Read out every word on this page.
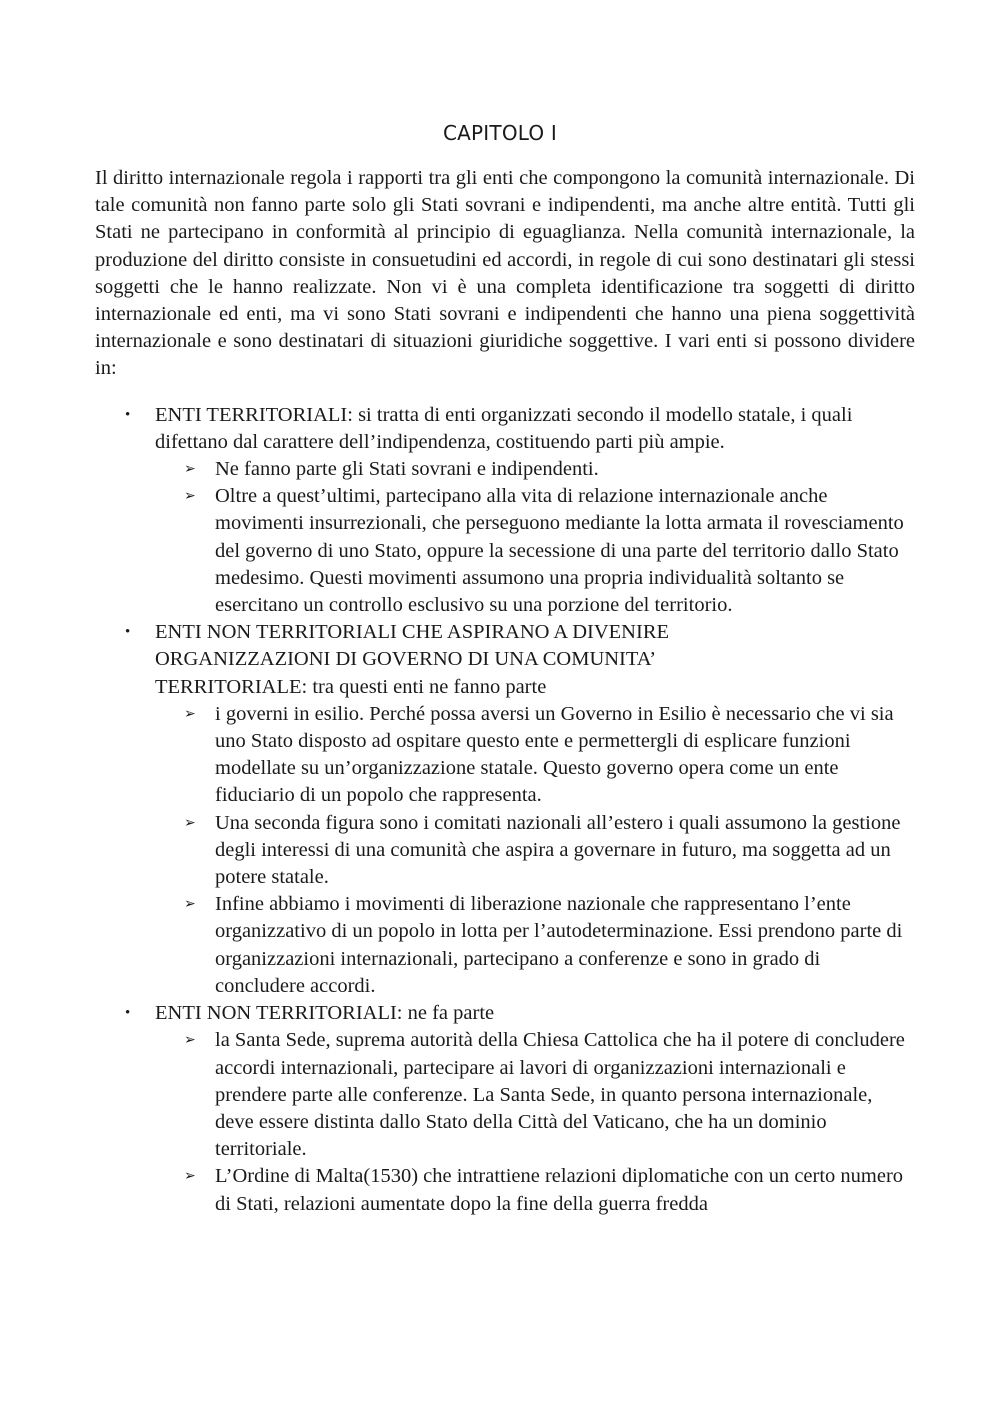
CAPITOLO I

Il diritto internazionale regola i rapporti tra gli enti che compongono la comunità internazionale. Di tale comunità non fanno parte solo gli Stati sovrani e indipendenti, ma anche altre entità. Tutti gli Stati ne partecipano in conformità al principio di eguaglianza. Nella comunità internazionale, la produzione del diritto consiste in consuetudini ed accordi, in regole di cui sono destinatari gli stessi soggetti che le hanno realizzate. Non vi è una completa identificazione tra soggetti di diritto internazionale ed enti, ma vi sono Stati sovrani e indipendenti che hanno una piena soggettività internazionale e sono destinatari di situazioni giuridiche soggettive. I vari enti si possono dividere in:

•	ENTI TERRITORIALI: si tratta di enti organizzati secondo il modello statale, i quali difettano dal carattere dell’indipendenza, costituendo parti più ampie.
➢ Ne fanno parte gli Stati sovrani e indipendenti.
➢ Oltre a quest’ultimi, partecipano alla vita di relazione internazionale anche movimenti insurrezionali, che perseguono mediante la lotta armata il rovesciamento del governo di uno Stato, oppure la secessione di una parte del territorio dallo Stato medesimo. Questi movimenti assumono una propria individualità soltanto se esercitano un controllo esclusivo su una porzione del territorio.
•	ENTI NON TERRITORIALI CHE ASPIRANO A DIVENIRE ORGANIZZAZIONI DI GOVERNO DI UNA COMUNITA’ TERRITORIALE: tra questi enti ne fanno parte
➢ i governi in esilio. Perché possa aversi un Governo in Esilio è necessario che vi sia uno Stato disposto ad ospitare questo ente e permettergli di esplicare funzioni modellate su un’organizzazione statale. Questo governo opera come un ente fiduciario di un popolo che rappresenta.
➢ Una seconda figura sono i comitati nazionali all’estero i quali assumono la gestione degli interessi di una comunità che aspira a governare in futuro, ma soggetta ad un potere statale.
➢ Infine abbiamo i movimenti di liberazione nazionale che rappresentano l’ente organizzativo di un popolo in lotta per l’autodeterminazione. Essi prendono parte di organizzazioni internazionali, partecipano a conferenze e sono in grado di concludere accordi.
•	ENTI NON TERRITORIALI: ne fa parte
➢ la Santa Sede, suprema autorità della Chiesa Cattolica che ha il potere di concludere accordi internazionali, partecipare ai lavori di organizzazioni internazionali e prendere parte alle conferenze. La Santa Sede, in quanto persona internazionale, deve essere distinta dallo Stato della Città del Vaticano, che ha un dominio territoriale.
➢ L’Ordine di Malta(1530) che intrattiene relazioni diplomatiche con un certo numero di Stati, relazioni aumentate dopo la fine della guerra fredda
